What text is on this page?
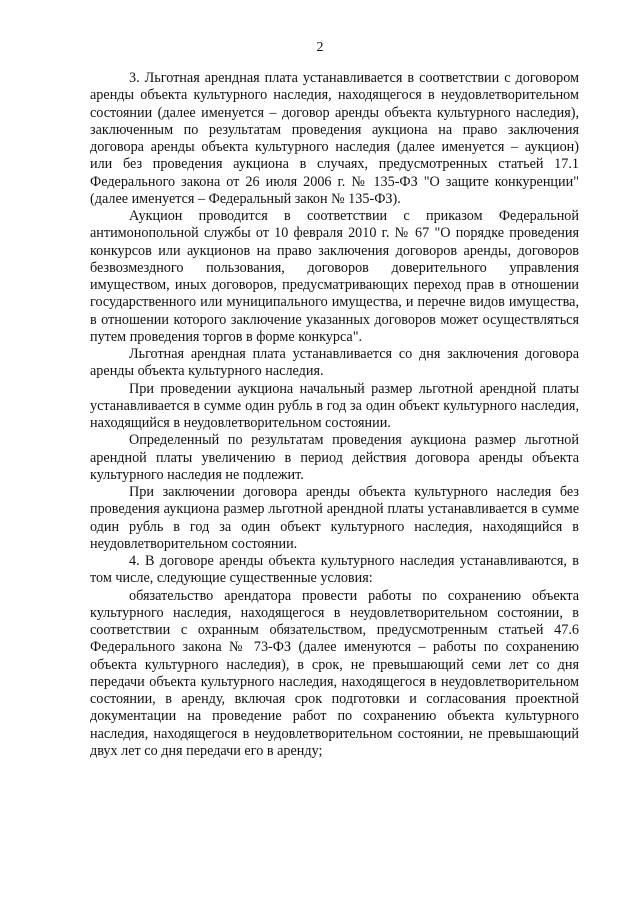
2

3. Льготная арендная плата устанавливается в соответствии с договором аренды объекта культурного наследия, находящегося в неудовлетворительном состоянии (далее именуется – договор аренды объекта культурного наследия), заключенным по результатам проведения аукциона на право заключения договора аренды объекта культурного наследия (далее именуется – аукцион) или без проведения аукциона в случаях, предусмотренных статьей 17.1 Федерального закона от 26 июля 2006 г. № 135-ФЗ "О защите конкуренции" (далее именуется – Федеральный закон № 135-ФЗ).

Аукцион проводится в соответствии с приказом Федеральной антимонопольной службы от 10 февраля 2010 г. № 67 "О порядке проведения конкурсов или аукционов на право заключения договоров аренды, договоров безвозмездного пользования, договоров доверительного управления имуществом, иных договоров, предусматривающих переход прав в отношении государственного или муниципального имущества, и перечне видов имущества, в отношении которого заключение указанных договоров может осуществляться путем проведения торгов в форме конкурса".

Льготная арендная плата устанавливается со дня заключения договора аренды объекта культурного наследия.

При проведении аукциона начальный размер льготной арендной платы устанавливается в сумме один рубль в год за один объект культурного наследия, находящийся в неудовлетворительном состоянии.

Определенный по результатам проведения аукциона размер льготной арендной платы увеличению в период действия договора аренды объекта культурного наследия не подлежит.

При заключении договора аренды объекта культурного наследия без проведения аукциона размер льготной арендной платы устанавливается в сумме один рубль в год за один объект культурного наследия, находящийся в неудовлетворительном состоянии.

4. В договоре аренды объекта культурного наследия устанавливаются, в том числе, следующие существенные условия:

обязательство арендатора провести работы по сохранению объекта культурного наследия, находящегося в неудовлетворительном состоянии, в соответствии с охранным обязательством, предусмотренным статьей 47.6 Федерального закона № 73-ФЗ (далее именуются – работы по сохранению объекта культурного наследия), в срок, не превышающий семи лет со дня передачи объекта культурного наследия, находящегося в неудовлетворительном состоянии, в аренду, включая срок подготовки и согласования проектной документации на проведение работ по сохранению объекта культурного наследия, находящегося в неудовлетворительном состоянии, не превышающий двух лет со дня передачи его в аренду;
